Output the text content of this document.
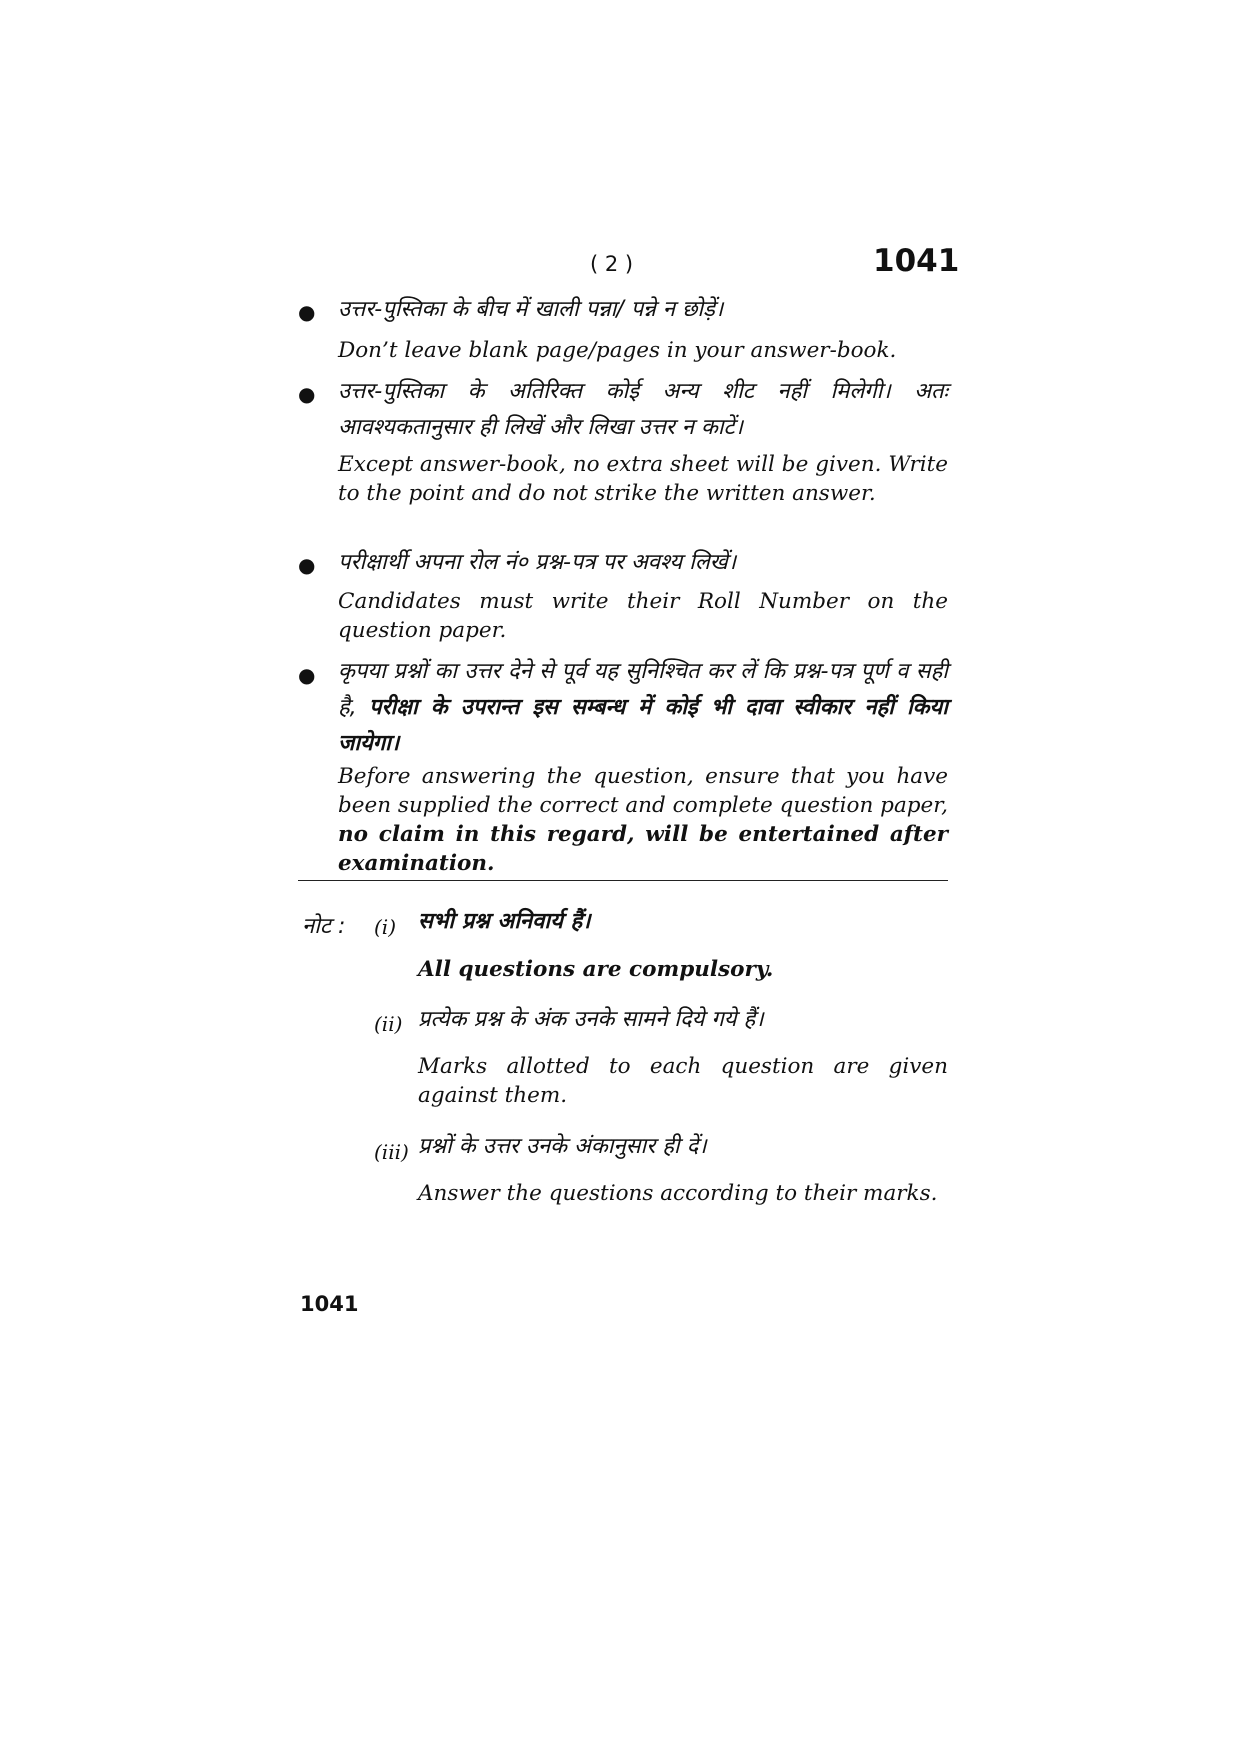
( 2 )	1041
● उत्तर-पुस्तिका के बीच में खाली पन्ना/ पन्ने न छोड़ें।
Don’t leave blank page/pages in your answer-book.
● उत्तर-पुस्तिका के अतिरिक्त कोई अन्य शीट नहीं मिलेगी। अतः आवश्यकतानुसार ही लिखें और लिखा उत्तर न काटें।
Except answer-book, no extra sheet will be given. Write to the point and do not strike the written answer.
● परीक्षार्थी अपना रोल नं० प्रश्न-पत्र पर अवश्य लिखें।
Candidates must write their Roll Number on the question paper.
● कृपया प्रश्नों का उत्तर देने से पूर्व यह सुनिश्चित कर लें कि प्रश्न-पत्र पूर्ण व सही है, परीक्षा के उपरान्त इस सम्बन्ध में कोई भी दावा स्वीकार नहीं किया जायेगा।
Before answering the question, ensure that you have been supplied the correct and complete question paper, no claim in this regard, will be entertained after examination.
नोट : (i) सभी प्रश्न अनिवार्य हैं।
All questions are compulsory.
(ii) प्रत्येक प्रश्न के अंक उनके सामने दिये गये हैं।
Marks allotted to each question are given against them.
(iii) प्रश्नों के उत्तर उनके अंकानुसार ही दें।
Answer the questions according to their marks.
1041
